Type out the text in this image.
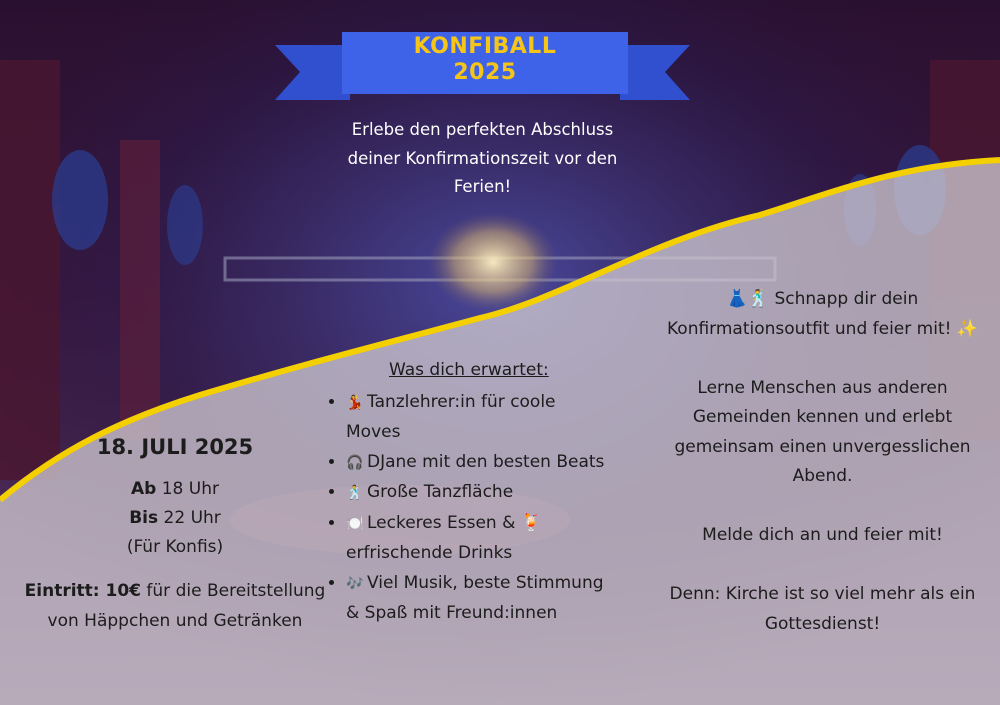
KONFIBALL
2025
Erlebe den perfekten Abschluss deiner Konfirmationszeit vor den Ferien!
18. JULI 2025
Ab 18 Uhr
Bis 22 Uhr
(Für Konfis)
Eintritt: 10€ für die Bereitstellung von Häppchen und Getränken
Was dich erwartet:
• 💃 Tanzlehrer:in für coole Moves
• 🎧 DJane mit den besten Beats
• 🕺 Große Tanzfläche
• 🍽️ Leckeres Essen & 🍹 erfrischende Drinks
• 🎶 Viel Musik, beste Stimmung & Spaß mit Freund:innen

👗🕺 Schnapp dir dein Konfirmationsoutfit und feier mit! ✨

Lerne Menschen aus anderen Gemeinden kennen und erlebt gemeinsam einen unvergesslichen Abend.

Melde dich an und feier mit!

Denn: Kirche ist so viel mehr als ein Gottesdienst!
